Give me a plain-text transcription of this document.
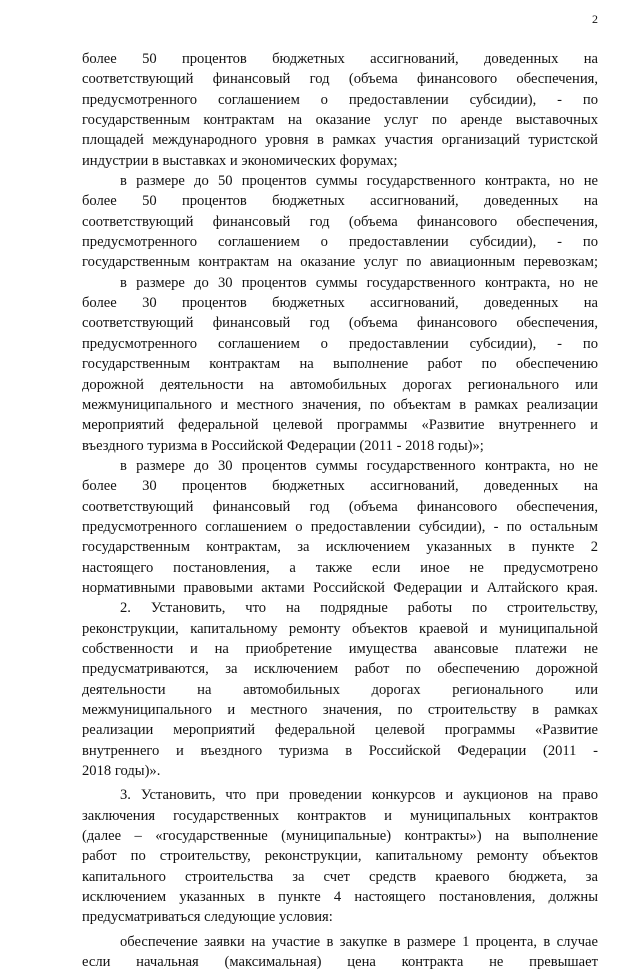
2
более 50 процентов бюджетных ассигнований, доведенных на
соответствующий финансовый год (объема финансового обеспечения,
предусмотренного соглашением о предоставлении субсидии), - по
государственным контрактам на оказание услуг по аренде выставочных
площадей международного уровня в рамках участия организаций туристской
индустрии в выставках и экономических форумах;
в размере до 50 процентов суммы государственного контракта, но не
более 50 процентов бюджетных ассигнований, доведенных на
соответствующий финансовый год (объема финансового обеспечения,
предусмотренного соглашением о предоставлении субсидии), - по
государственным контрактам на оказание услуг по авиационным перевозкам;
в размере до 30 процентов суммы государственного контракта, но не
более 30 процентов бюджетных ассигнований, доведенных на
соответствующий финансовый год (объема финансового обеспечения,
предусмотренного соглашением о предоставлении субсидии), - по
государственным контрактам на выполнение работ по обеспечению
дорожной деятельности на автомобильных дорогах регионального или
межмуниципального и местного значения, по объектам в рамках реализации
мероприятий федеральной целевой программы «Развитие внутреннего и
въездного туризма в Российской Федерации (2011 - 2018 годы)»;
в размере до 30 процентов суммы государственного контракта, но не
более 30 процентов бюджетных ассигнований, доведенных на
соответствующий финансовый год (объема финансового обеспечения,
предусмотренного соглашением о предоставлении субсидии), - по остальным
государственным контрактам, за исключением указанных в пункте 2
настоящего постановления, а также если иное не предусмотрено
нормативными правовыми актами Российской Федерации и Алтайского края.
2. Установить, что на подрядные работы по строительству,
реконструкции, капитальному ремонту объектов краевой и муниципальной
собственности и на приобретение имущества авансовые платежи не
предусматриваются, за исключением работ по обеспечению дорожной
деятельности на автомобильных дорогах регионального или
межмуниципального и местного значения, по строительству в рамках
реализации мероприятий федеральной целевой программы «Развитие
внутреннего и въездного туризма в Российской Федерации (2011 -
2018 годы)».
3. Установить, что при проведении конкурсов и аукционов на право
заключения государственных контрактов и муниципальных контрактов
(далее – «государственные (муниципальные) контракты») на выполнение
работ по строительству, реконструкции, капитальному ремонту объектов
капитального строительства за счет средств краевого бюджета, за
исключением указанных в пункте 4 настоящего постановления, должны
предусматриваться следующие условия:
обеспечение заявки на участие в закупке в размере 1 процента, в случае
если начальная (максимальная) цена контракта не превышает
